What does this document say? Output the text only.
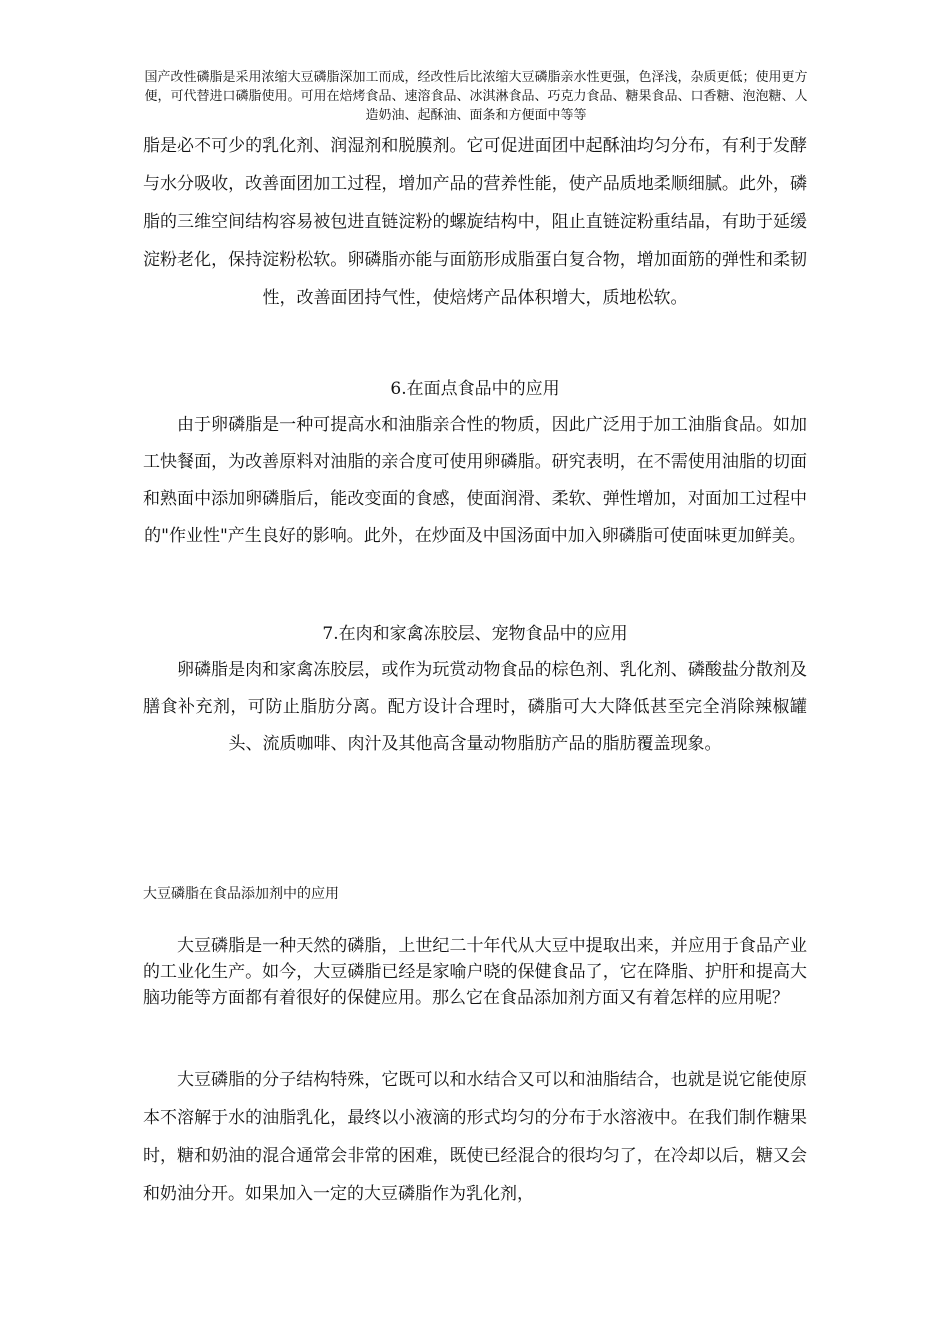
国产改性磷脂是采用浓缩大豆磷脂深加工而成，经改性后比浓缩大豆磷脂亲水性更强，色泽浅，杂质更低；使用更方便，可代替进口磷脂使用。可用在焙烤食品、速溶食品、冰淇淋食品、巧克力食品、糖果食品、口香糖、泡泡糖、人造奶油、起酥油、面条和方便面中等等
脂是必不可少的乳化剂、润湿剂和脱膜剂。它可促进面团中起酥油均匀分布，有利于发酵与水分吸收，改善面团加工过程，增加产品的营养性能，使产品质地柔顺细腻。此外，磷脂的三维空间结构容易被包进直链淀粉的螺旋结构中，阻止直链淀粉重结晶，有助于延缓淀粉老化，保持淀粉松软。卵磷脂亦能与面筋形成脂蛋白复合物，增加面筋的弹性和柔韧性，改善面团持气性，使焙烤产品体积增大，质地松软。
6.在面点食品中的应用
由于卵磷脂是一种可提高水和油脂亲合性的物质，因此广泛用于加工油脂食品。如加工快餐面，为改善原料对油脂的亲合度可使用卵磷脂。研究表明，在不需使用油脂的切面和熟面中添加卵磷脂后，能改变面的食感，使面润滑、柔软、弹性增加，对面加工过程中的"作业性"产生良好的影响。此外，在炒面及中国汤面中加入卵磷脂可使面味更加鲜美。
7.在肉和家禽冻胶层、宠物食品中的应用
卵磷脂是肉和家禽冻胶层，或作为玩赏动物食品的棕色剂、乳化剂、磷酸盐分散剂及膳食补充剂，可防止脂肪分离。配方设计合理时，磷脂可大大降低甚至完全消除辣椒罐头、流质咖啡、肉汁及其他高含量动物脂肪产品的脂肪覆盖现象。
大豆磷脂在食品添加剂中的应用
大豆磷脂是一种天然的磷脂，上世纪二十年代从大豆中提取出来，并应用于食品产业的工业化生产。如今，大豆磷脂已经是家喻户晓的保健食品了，它在降脂、护肝和提高大脑功能等方面都有着很好的保健应用。那么它在食品添加剂方面又有着怎样的应用呢？
大豆磷脂的分子结构特殊，它既可以和水结合又可以和油脂结合，也就是说它能使原本不溶解于水的油脂乳化，最终以小液滴的形式均匀的分布于水溶液中。在我们制作糖果时，糖和奶油的混合通常会非常的困难，既使已经混合的很均匀了，在冷却以后，糖又会和奶油分开。如果加入一定的大豆磷脂作为乳化剂，
